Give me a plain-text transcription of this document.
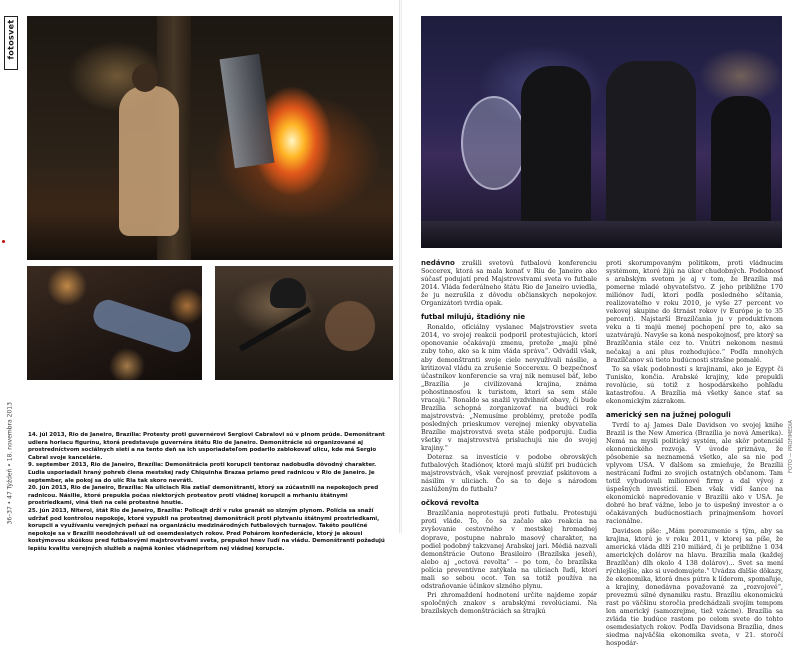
fotosvet
36–37 • 47 Týždeň • 18. novembra 2013	14. júl 2013, Rio de Janeiro, Brazília: Protesty proti guvernérovi Sergiovi Cabralovi sú v plnom prúde. Demonštrant udiera horiacu figurínu, ktorá predstavuje guvernéra štátu Rio de Janeiro. Demonštrácie sú organizované aj prostredníctvom sociálnych sietí a na tento deň sa ich usporiadateľom podarilo zablokovať ulicu, kde má Sergio Cabral svoje kancelárie.

9. september 2013, Rio de Janeiro, Brazília: Demonštrácia proti korupcii tentoraz nadobudla dôvodný charakter. Ľudia usporiadali hraný pohreb člena mestskej rady Chiquinha Brazaa priamo pred radnicou v Rio de Janeiro. Je september, ale pokoj sa do ulíc Ria tak skoro nevráti.

20. jún 2013, Rio de Janeiro, Brazília: Na uliciach Ria zatiaľ demonštranti, ktorý sa zúčastnili na nepokojoch pred radnicou. Násilie, ktoré prepukla počas niektorých protestov proti vládnej korupcii a mrhaniu štátnymi prostriedkami, viná tieň na celé protestné hnutie.

25. jún 2013, Niteroi, štát Rio de Janeiro, Brazília: Policajt drží v ruke granát so slzným plynom. Polícia sa snaží udržať pod kontrolou nepokoje, ktoré vypukli na protestnej demonštrácii proti plytvaniu štátnymi prostriedkami, korupcii a využívaniu verejných peňazí na organizáciu medzinárodných futbalových turnajov. Takéto pouličné nepokoje sa v Brazílii neodohrávali už od osemdesiatych rokov. Pred Pohárom konfederácie, ktorý je akousi kostýmovou skúškou pred futbalovými majstrovstvami sveta, prepukol hnev ľudí na vládu. Demonštranti požadujú lepšiu kvalitu verejných služieb a najmä koniec vládneprítom nej vládnej korupcie.

nedávno zrušili svetovú futbalovú konferenciu Soccerex, ktorá sa mala konať v Riu de Janeiro ako súčasť podujatí pred Majstrovstvami sveta vo futbale 2014. Vláda federálneho štátu Rio de Janeiro uviedla, že ju nezrušila z dôvodu občianskych nepokojov. Organizátori tvrdia opak.

futbal milujú, štadióny nie

Ronaldo, ofíciálny vyslanec Majstrovstiev sveta 2014, vo svojej reakcii podporil protestujúcich, ktorí oponovanie očakávajú zmenu, pretože „majú plné zuby toho, ako sa k nim vláda správa“. Odvádil však, aby demonštranti svoje ciele nevyužívali násilie, a kritizoval vládu za zrušenie Soccerexu. O bezpečnosť účastníkov konferencie sa vraj nik nemusel báť, lebo „Brazília je civilizovaná krajina, známa pohostinnosťou k turistom, ktorí sa sem stále vracajú.“ Ronaldo sa snažil vyzdvihnúť obavy, či bude Brazília schopná zorganizovať na budúci rok majstrovstvá: „Nemusíme problémy, pretože podľa posledných prieskumov verejnej mienky obyvatelia Brazílie majstrovstvá sveta stále podporujú. Ľudia všetky v majstrovstvá prisluchujú nie do svojej krajiny.“

Doteraz sa investície v podobe obrovských futbalových štadiónov, ktoré majú slúžiť pri budúcich majstrovstvách, však verejnosť prevziať pskitovom a násilím v uliciach. Čo sa to deje s národom zaslúženým do futbalu?

očková revolta

Brazílčania neprotestujú proti futbalu. Protestujú proti vláde. To, čo sa začalo ako reakcia na zvyšovanie cestovného v mestskej hromadnej doprave, postupne nabralo masový charakter, na podiel podobný takzvanej Arabskej jari. Médiá nazvali demonštrácie Outono Brasileiro (Brazílska jeseň), alebo aj „octová revolta“ – po tom, čo brazílska polícia preventívne zatýkala na uliciach ľudí, ktorí mali so sebou ocot. Ten sa totiž používa na odstraňovanie účinkov slzného plynu.

Pri zhromaždení hodnotení určite najdeme zopár spoločných znakov s arabskými revolúciami. Na brazílskych demonštráciách sa štrajkú

proti skorumpovaným politikom, proti vládnucim systémom, ktoré žijú na úkor chudobných. Podobnosť s arabským svetom je aj v tom, že Brazília má pomerne mladé obyvateľstvo. Z jeho približne 170 miliónov ľudí, ktorí podľa posledného sčítania, realizovateľno v roku 2010, je vyše 27 percent vo vekovej skupine do štrnást rokov (v Európe je to 35 percent). Najstarší Brazílčania ju v produktívnom veku a ti majú menej pochopení pre to, ako sa uzatvárajú. Navyše sa koná nespokojnosť, pre ktorý sa Brazílčania stále cez to. Vnútri nekonom nesmú nečakaj a ani plus rozhodujúce.“ Podľa mnohých Brazílčanov sú tieto budúcnosti strašne pomalé.

To sa však podobnosti s krajinami, ako je Egypt či Tunisko, končia. Arabské krajiny, kde prepukli revolúcie, sú totiž z hospodárskeho pohľadu katastrofou. A Brazília má všetky šance stať sa ekonomickým zázrakom.

americký sen na južnej pologuli

Tvrdí to aj James Dale Davidson vo svojej knihe Brazil is the New America (Brazília je nová Amerika). Nemá na mysli politický systém, ale skôr potenciál ekonomického rozvoja. V úvode priznáva, že pôsobenie sa neznamená všetko, ale sa nie pod vplyvom USA. V ďalšom sa zmieňuje, že Brazílii nestrácaní ľuďmi zo svojich ostatných občanom. Tam totiž vybudovali milionové firmy a dal vývoj z úspešných investícií. Eben však vidí šance na ekonomické napredovanie v Brazílii ako v USA. Je dobré ho brať vážne, lebo je to úspešný investor a o očakávaných budúcnostiach prinajmenšom hovorí racionálne.

Davidson píše: „Mám porozumenie s tým, aby sa krajina, ktorú je v roku 2011, v ktorej sa píše, že americká vláda dlží 210 miliárd, či je približne 1 034 amerických dolárov na hlavu. Brazília mala (každej Brazílčan) dlh okolo 4 138 dolárov)... Svet sa mení rýchlejšie, ako si uvedomujete.“ Uvádza ďalšie dôkazy, že ekonomika, ktorá dnes pútra k líderom, spomaľuje, a krajiny, donedávna považované za „rozvojové“, prevezmú silné dynamiku rastu. Brazíliu ekonomickú rast po väčšinu storočia predchádzali svojím tempom len americký (samozrejme, tiež vzácne). Brazília sa zvláda tie budúce rastom po celom svete do tohto osemdesiatych rokov. Podľa Davidsona Brazília, dnes siedma najväčšia ekonomika sveta, v 21. storočí hospodár-

FOTO — PROFIMEDIA
